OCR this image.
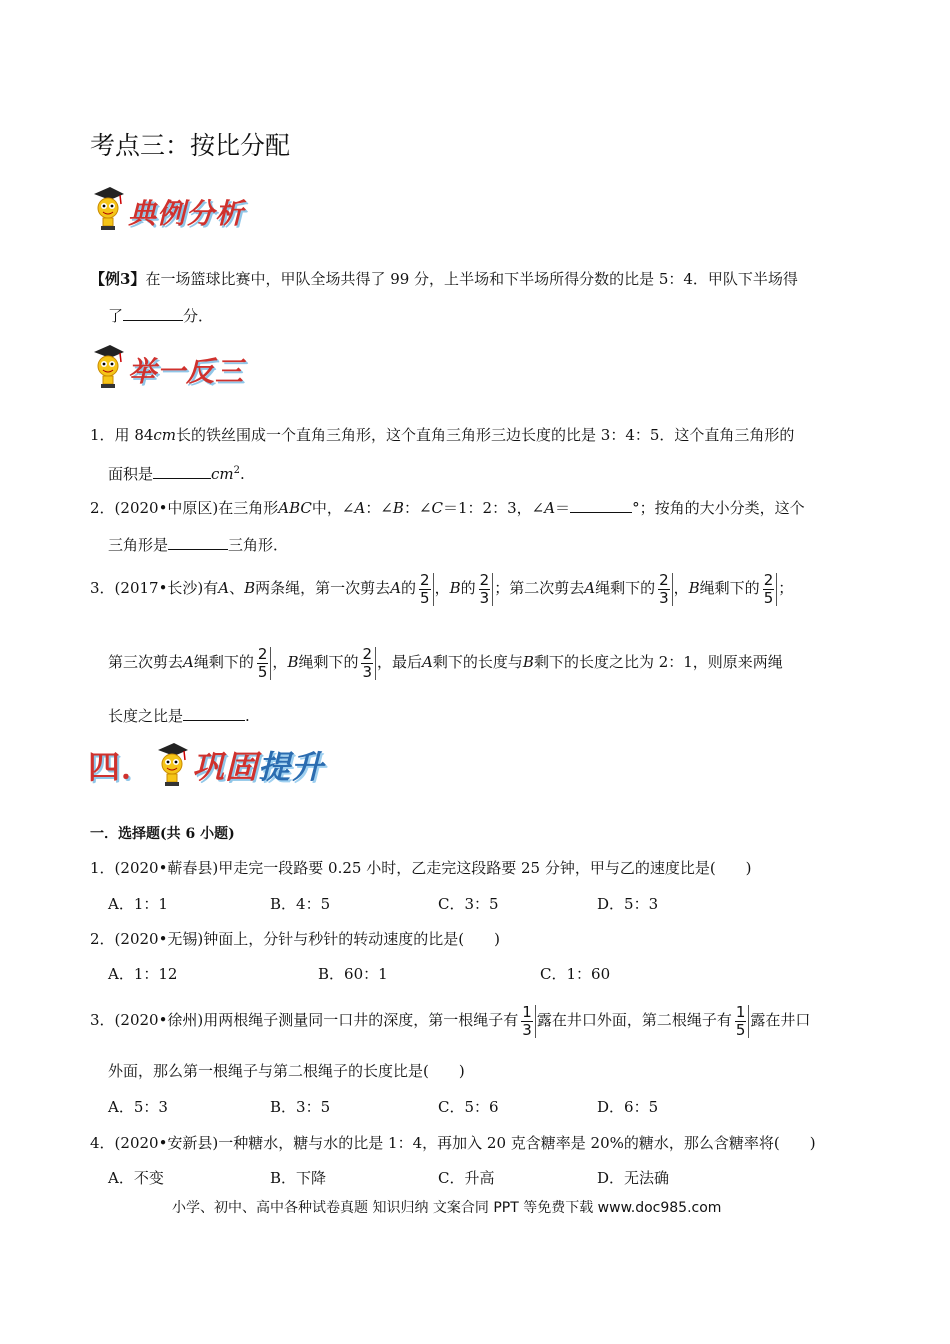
考点三：按比分配
典例分析
【例3】在一场篮球比赛中，甲队全场共得了 99 分，上半场和下半场所得分数的比是 5：4．甲队下半场得
了	分．
举一反三
1．用 84cm长的铁丝围成一个直角三角形，这个直角三角形三边长度的比是 3：4：5．这个直角三角形的
面积是	$cm^2$.
2．(2020•中原区)在三角形ABC中，∠A：∠B：∠C＝1：2：3，∠A＝	°；按角的大小分类，这个
三角形是	三角形．
3．(2017•长沙)有A、B两条绳，第一次剪去A的 $\frac{2}{5}$ ，B的 $\frac{2}{3}$ ；第二次剪去A绳剩下的 $\frac{2}{3}$ ，B绳剩下的 $\frac{2}{5}$ ；
第三次剪去A绳剩下的 $\frac{2}{5}$ ，B绳剩下的 $\frac{2}{3}$ ，最后A剩下的长度与B剩下的长度之比为 2：1，则原来两绳
长度之比是	.
四． 巩固 提升
一．选择题(共 6 小题)
1．(2020•蕲春县)甲走完一段路要 0.25 小时，乙走完这段路要 25 分钟，甲与乙的速度比是(　　)
A．1：1	B．4：5	C．3：5	D．5：3
2．(2020•无锡)钟面上，分针与秒针的转动速度的比是(　　)
A．1：12	B．60：1	C．1：60
3．(2020•徐州)用两根绳子测量同一口井的深度，第一根绳子有 $\frac{1}{3}$ 露在井口外面，第二根绳子有 $\frac{1}{5}$ 露在井口
外面，那么第一根绳子与第二根绳子的长度比是(　　)
A．5：3	B．3：5	C．5：6	D．6：5
4．(2020•安新县)一种糖水，糖与水的比是 1：4，再加入 20 克含糖率是 20%的糖水，那么含糖率将(　　)
A．不变	B．下降	C．升高	D．无法确
小学、初中、高中各种试卷真题 知识归纳 文案合同 PPT 等免费下载 www.doc985.com
